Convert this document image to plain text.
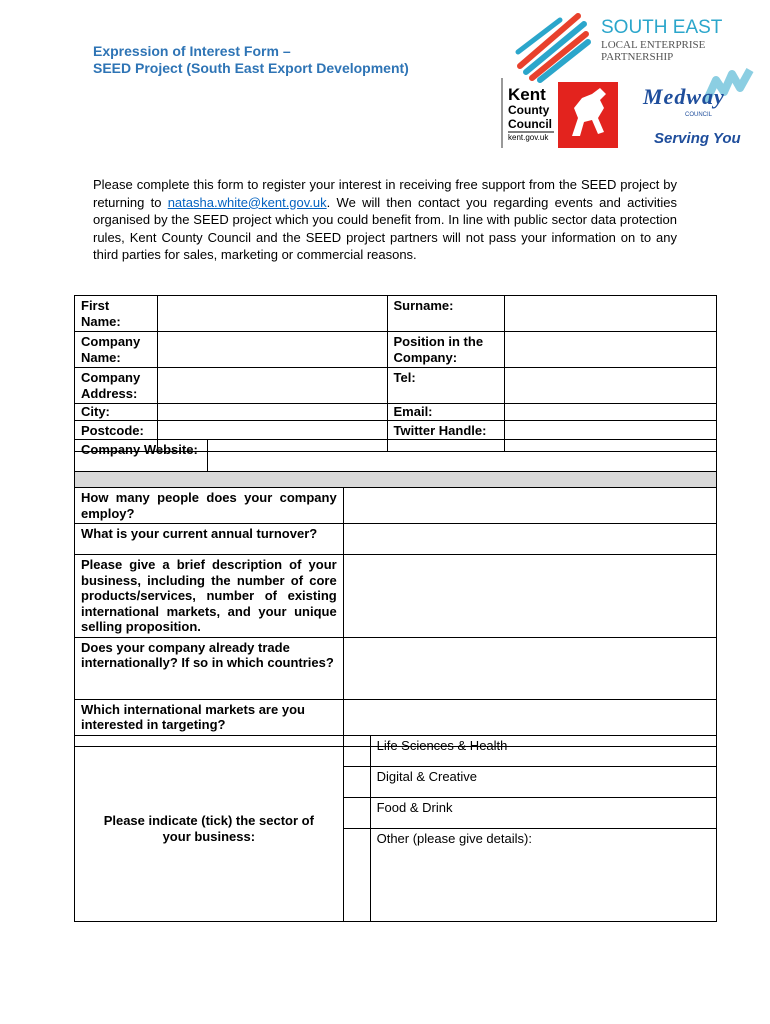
Expression of Interest Form –
SEED Project (South East Export Development)
SOUTH EAST
LOCAL ENTERPRISE
PARTNERSHIP
Kent
County
Council
kent.gov.uk
Medway
COUNCIL
Serving You
Please complete this form to register your interest in receiving free support from the SEED project by returning to natasha.white@kent.gov.uk. We will then contact you regarding events and activities organised by the SEED project which you could benefit from. In line with public sector data protection rules, Kent County Council and the SEED project partners will not pass your information on to any third parties for sales, marketing or commercial reasons.
First Name:		Surname:	
Company Name:		Position in the Company:	
Company Address:		Tel:	
City:		Email:	
Postcode:		Twitter Handle:	
Company Website:	

How many people does your company employ?	
What is your current annual turnover?	
Please give a brief description of your business, including the number of core products/services, number of existing international markets, and your unique selling proposition.	
Does your company already trade internationally? If so in which countries?	
Which international markets are you interested in targeting?	
Please indicate (tick) the sector of your business:		Life Sciences & Health
		Digital & Creative
		Food & Drink
		Other (please give details):
